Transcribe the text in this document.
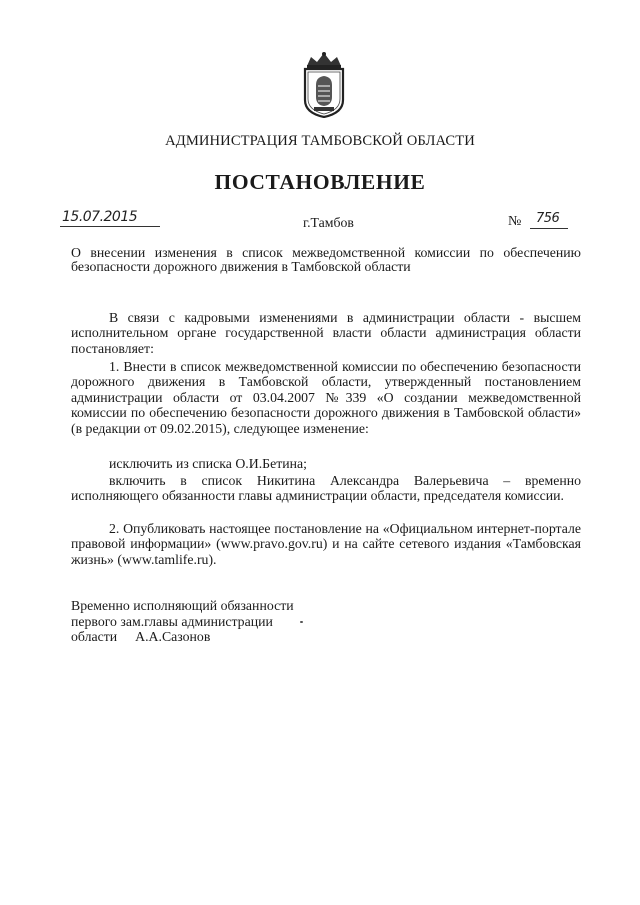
АДМИНИСТРАЦИЯ ТАМБОВСКОЙ ОБЛАСТИ
ПОСТАНОВЛЕНИЕ
15.07.2015	г.Тамбов	№ 756
О внесении изменения в список межведомственной комиссии по обеспечению безопасности дорожного движения в Тамбовской области

В связи с кадровыми изменениями в администрации области - высшем исполнительном органе государственной власти области администрация области постановляет:

1. Внести в список межведомственной комиссии по обеспечению безопасности дорожного движения в Тамбовской области, утвержденный постановлением администрации области от 03.04.2007 №339 «О создании межведомственной комиссии по обеспечению безопасности дорожного движения в Тамбовской области» (в редакции от 09.02.2015), следующее изменение:

исключить из списка О.И.Бетина;

включить в список Никитина Александра Валерьевича – временно исполняющего обязанности главы администрации области, председателя комиссии.

2. Опубликовать настоящее постановление на «Официальном интернет-портале правовой информации» (www.pravo.gov.ru) и на сайте сетевого издания «Тамбовская жизнь» (www.tamlife.ru).

Временно исполняющий обязанности
первого зам.главы администрации
области А.А.Сазонов
